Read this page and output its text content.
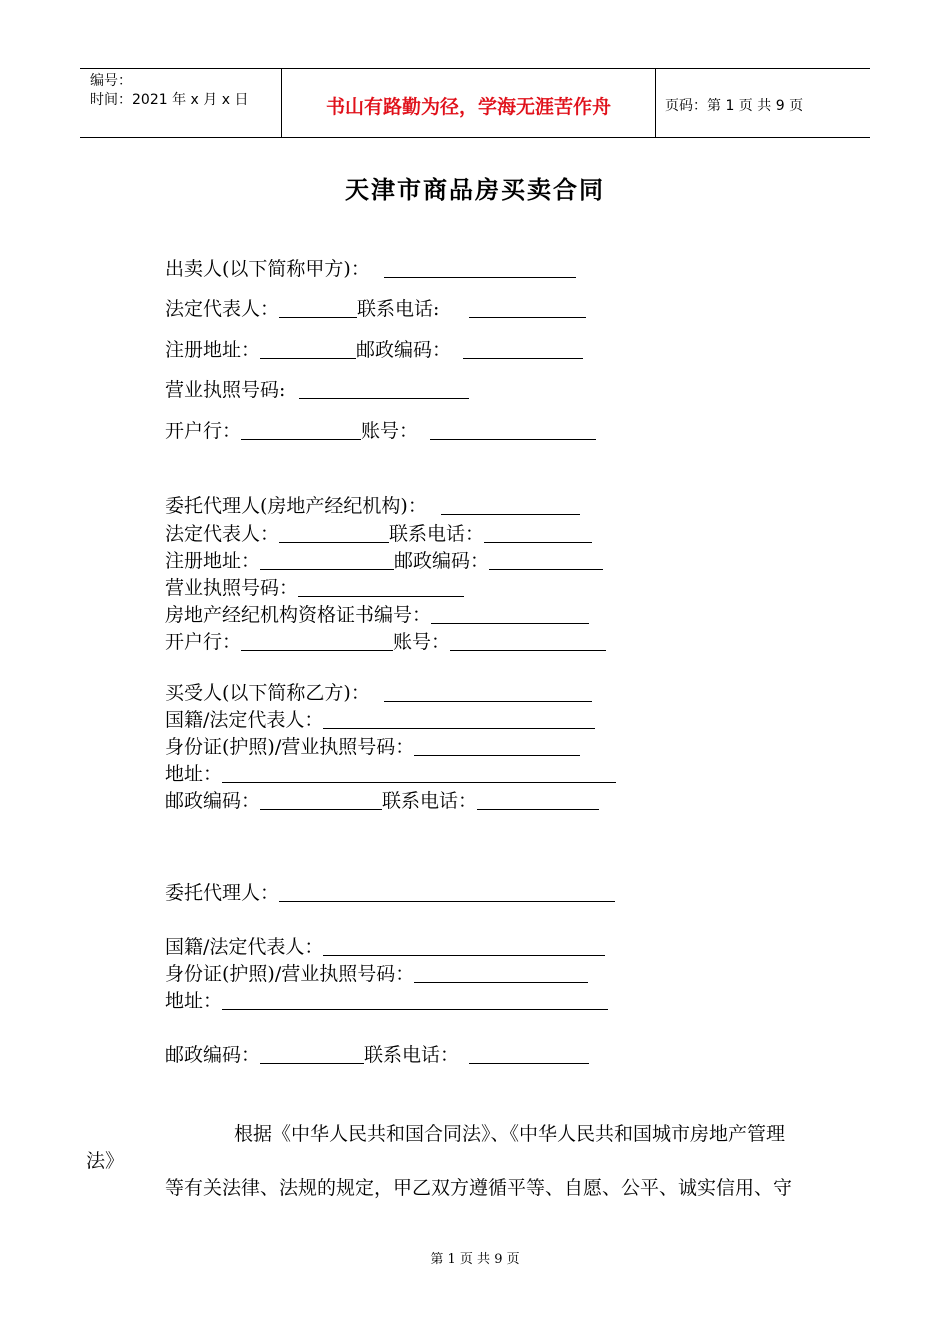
编号：
时间：2021 年 x 月 x 日	书山有路勤为径，学海无涯苦作舟	页码：第 1 页 共 9 页
天津市商品房买卖合同
出卖人(以下简称甲方)：
法定代表人：	联系电话:
注册地址：	邮政编码：
营业执照号码:
开户行：	账号：
委托代理人(房地产经纪机构)：
法定代表人：	联系电话：
注册地址：	邮政编码：
营业执照号码：
房地产经纪机构资格证书编号：
开户行：	账号：
买受人(以下简称乙方)：
国籍/法定代表人：
身份证(护照)/营业执照号码：
地址：
邮政编码：	联系电话：
委托代理人：
国籍/法定代表人：
身份证(护照)/营业执照号码：
地址：
邮政编码：	联系电话：
根据《中华人民共和国合同法》、《中华人民共和国城市房地产管理
法》
等有关法律、法规的规定，甲乙双方遵循平等、自愿、公平、诚实信用、守
第 1 页 共 9 页
